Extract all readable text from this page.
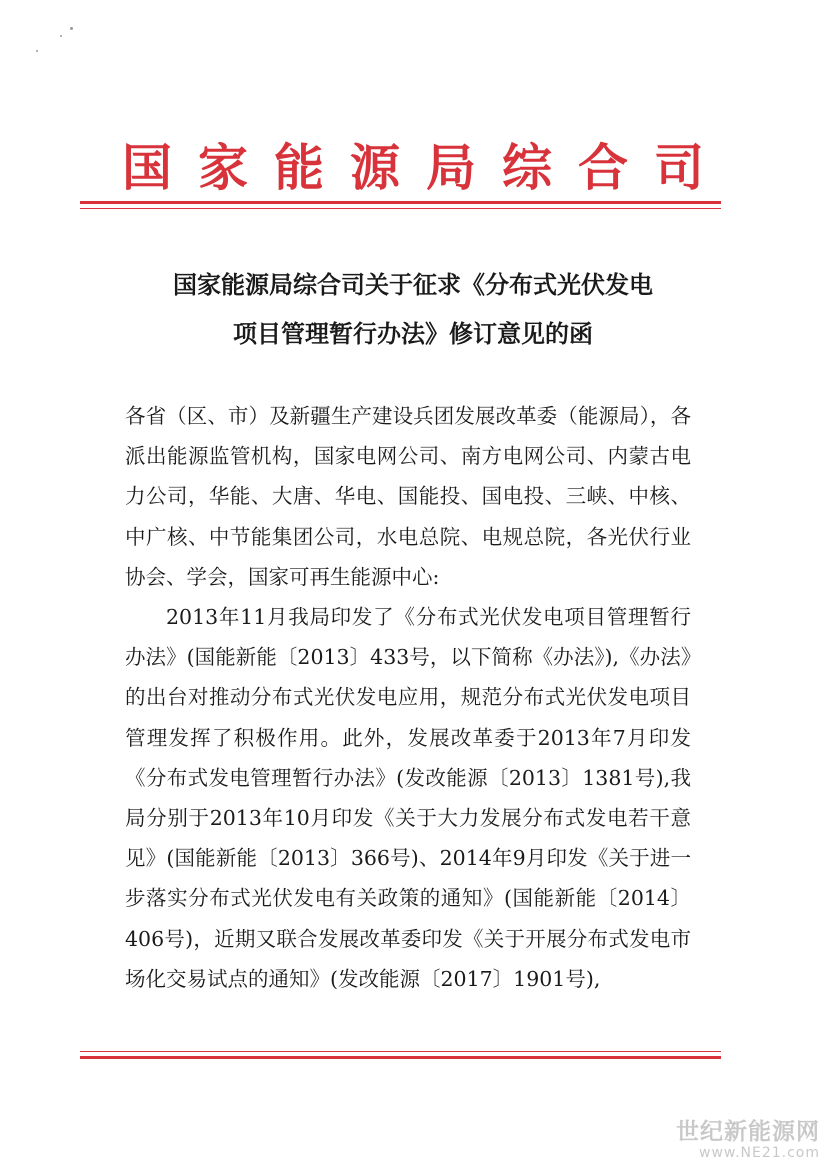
国家能源局综合司
国家能源局综合司关于征求《分布式光伏发电
项目管理暂行办法》修订意见的函

各省（区、市）及新疆生产建设兵团发展改革委（能源局），各派出能源监管机构，国家电网公司、南方电网公司、内蒙古电力公司，华能、大唐、华电、国能投、国电投、三峡、中核、中广核、中节能集团公司，水电总院、电规总院，各光伏行业协会、学会，国家可再生能源中心:

2013年11月我局印发了《分布式光伏发电项目管理暂行办法》(国能新能〔2013〕433号，以下简称《办法》),《办法》的出台对推动分布式光伏发电应用，规范分布式光伏发电项目管理发挥了积极作用。此外，发展改革委于2013年7月印发《分布式发电管理暂行办法》(发改能源〔2013〕1381号),我局分别于2013年10月印发《关于大力发展分布式发电若干意见》(国能新能〔2013〕366号)、2014年9月印发《关于进一步落实分布式光伏发电有关政策的通知》(国能新能〔2014〕406号)，近期又联合发展改革委印发《关于开展分布式发电市场化交易试点的通知》(发改能源〔2017〕1901号),

世纪新能源网
www.NE21.com
